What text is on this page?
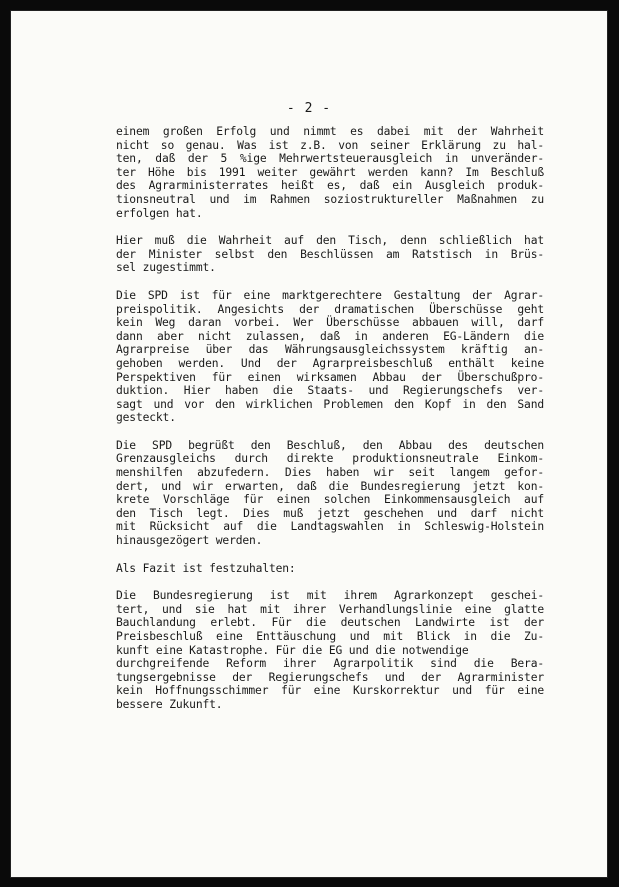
- 2 -

einem großen Erfolg und nimmt es dabei mit der Wahrheit
nicht so genau. Was ist z.B. von seiner Erklärung zu hal-
ten, daß der 5 %ige Mehrwertsteuerausgleich in unveränder-
ter Höhe bis 1991 weiter gewährt werden kann? Im Beschluß
des Agrarministerrates heißt es, daß ein Ausgleich produk-
tionsneutral und im Rahmen soziostruktureller Maßnahmen zu
erfolgen hat.

Hier muß die Wahrheit auf den Tisch, denn schließlich hat
der Minister selbst den Beschlüssen am Ratstisch in Brüs-
sel zugestimmt.

Die SPD ist für eine marktgerechtere Gestaltung der Agrar-
preispolitik. Angesichts der dramatischen Überschüsse geht
kein Weg daran vorbei. Wer Überschüsse abbauen will, darf
dann aber nicht zulassen, daß in anderen EG-Ländern die
Agrarpreise über das Währungsausgleichssystem kräftig an-
gehoben werden. Und der Agrarpreisbeschluß enthält keine
Perspektiven für einen wirksamen Abbau der Überschußpro-
duktion. Hier haben die Staats- und Regierungschefs ver-
sagt und vor den wirklichen Problemen den Kopf in den Sand
gesteckt.

Die SPD begrüßt den Beschluß, den Abbau des deutschen
Grenzausgleichs durch direkte produktionsneutrale Einkom-
menshilfen abzufedern. Dies haben wir seit langem gefor-
dert, und wir erwarten, daß die Bundesregierung jetzt kon-
krete Vorschläge für einen solchen Einkommensausgleich auf
den Tisch legt. Dies muß jetzt geschehen und darf nicht
mit Rücksicht auf die Landtagswahlen in Schleswig-Holstein
hinausgezögert werden.

Als Fazit ist festzuhalten:

Die Bundesregierung ist mit ihrem Agrarkonzept geschei-
tert, und sie hat mit ihrer Verhandlungslinie eine glatte
Bauchlandung erlebt. Für die deutschen Landwirte ist der
Preisbeschluß eine Enttäuschung und mit Blick in die Zu-
kunft eine Katastrophe. Für die EG und die notwendige
durchgreifende Reform ihrer Agrarpolitik sind die Bera-
tungsergebnisse der Regierungschefs und der Agrarminister
kein Hoffnungsschimmer für eine Kurskorrektur und für eine
bessere Zukunft.
